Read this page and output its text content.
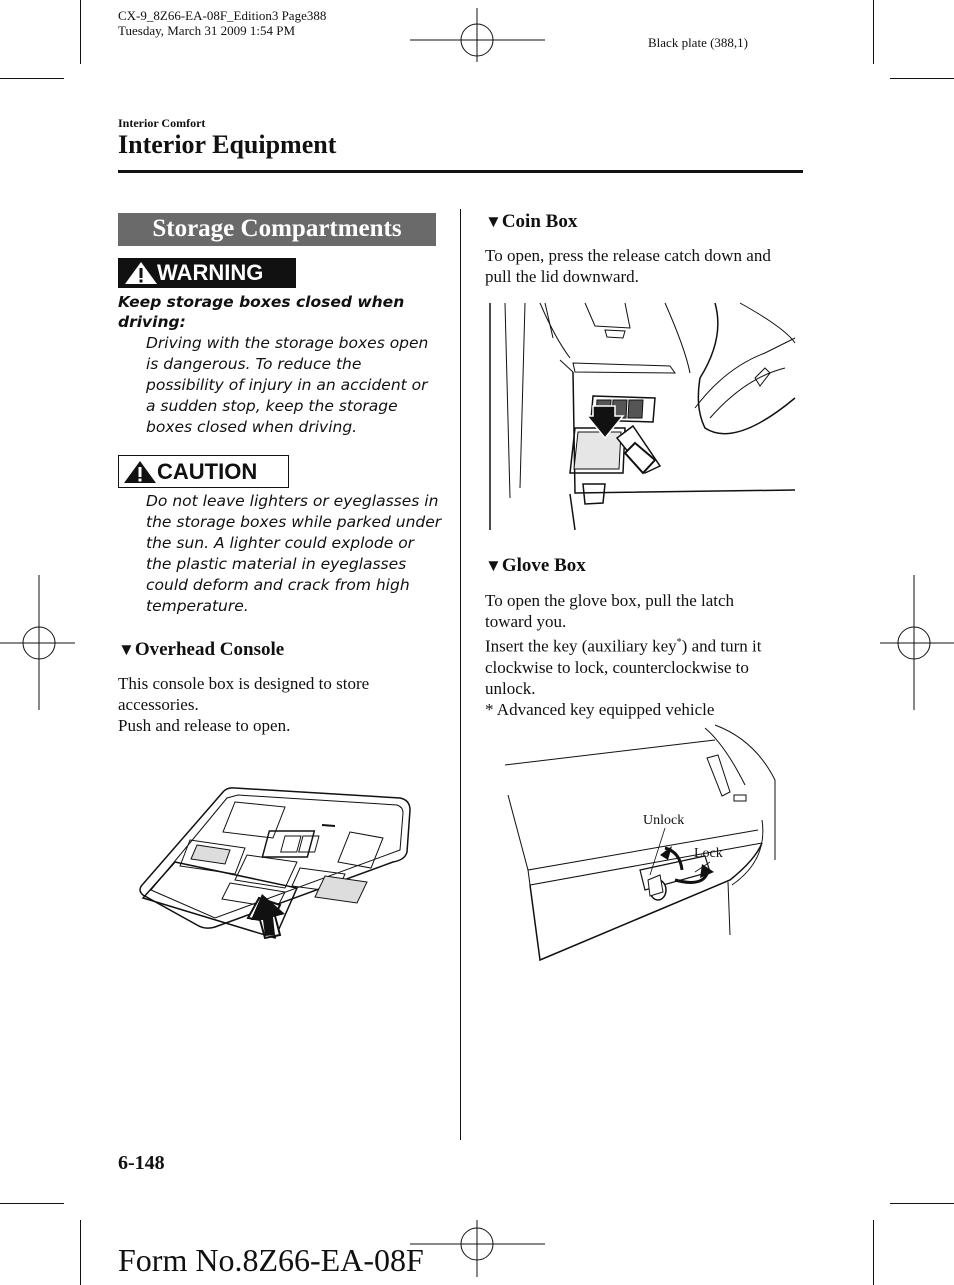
CX-9_8Z66-EA-08F_Edition3 Page388
Tuesday, March 31 2009 1:54 PM
Black plate (388,1)
Interior Comfort
Interior Equipment
Storage Compartments
WARNING
Keep storage boxes closed when
driving:
Driving with the storage boxes open
is dangerous. To reduce the
possibility of injury in an accident or
a sudden stop, keep the storage
boxes closed when driving.
CAUTION
Do not leave lighters or eyeglasses in
the storage boxes while parked under
the sun. A lighter could explode or
the plastic material in eyeglasses
could deform and crack from high
temperature.
▼Overhead Console
This console box is designed to store
accessories.
Push and release to open.
▼Coin Box
To open, press the release catch down and
pull the lid downward.
▼Glove Box
To open the glove box, pull the latch
toward you.
Insert the key (auxiliary key*) and turn it
clockwise to lock, counterclockwise to
unlock.
* Advanced key equipped vehicle
Unlock
Lock
6-148
Form No.8Z66-EA-08F
